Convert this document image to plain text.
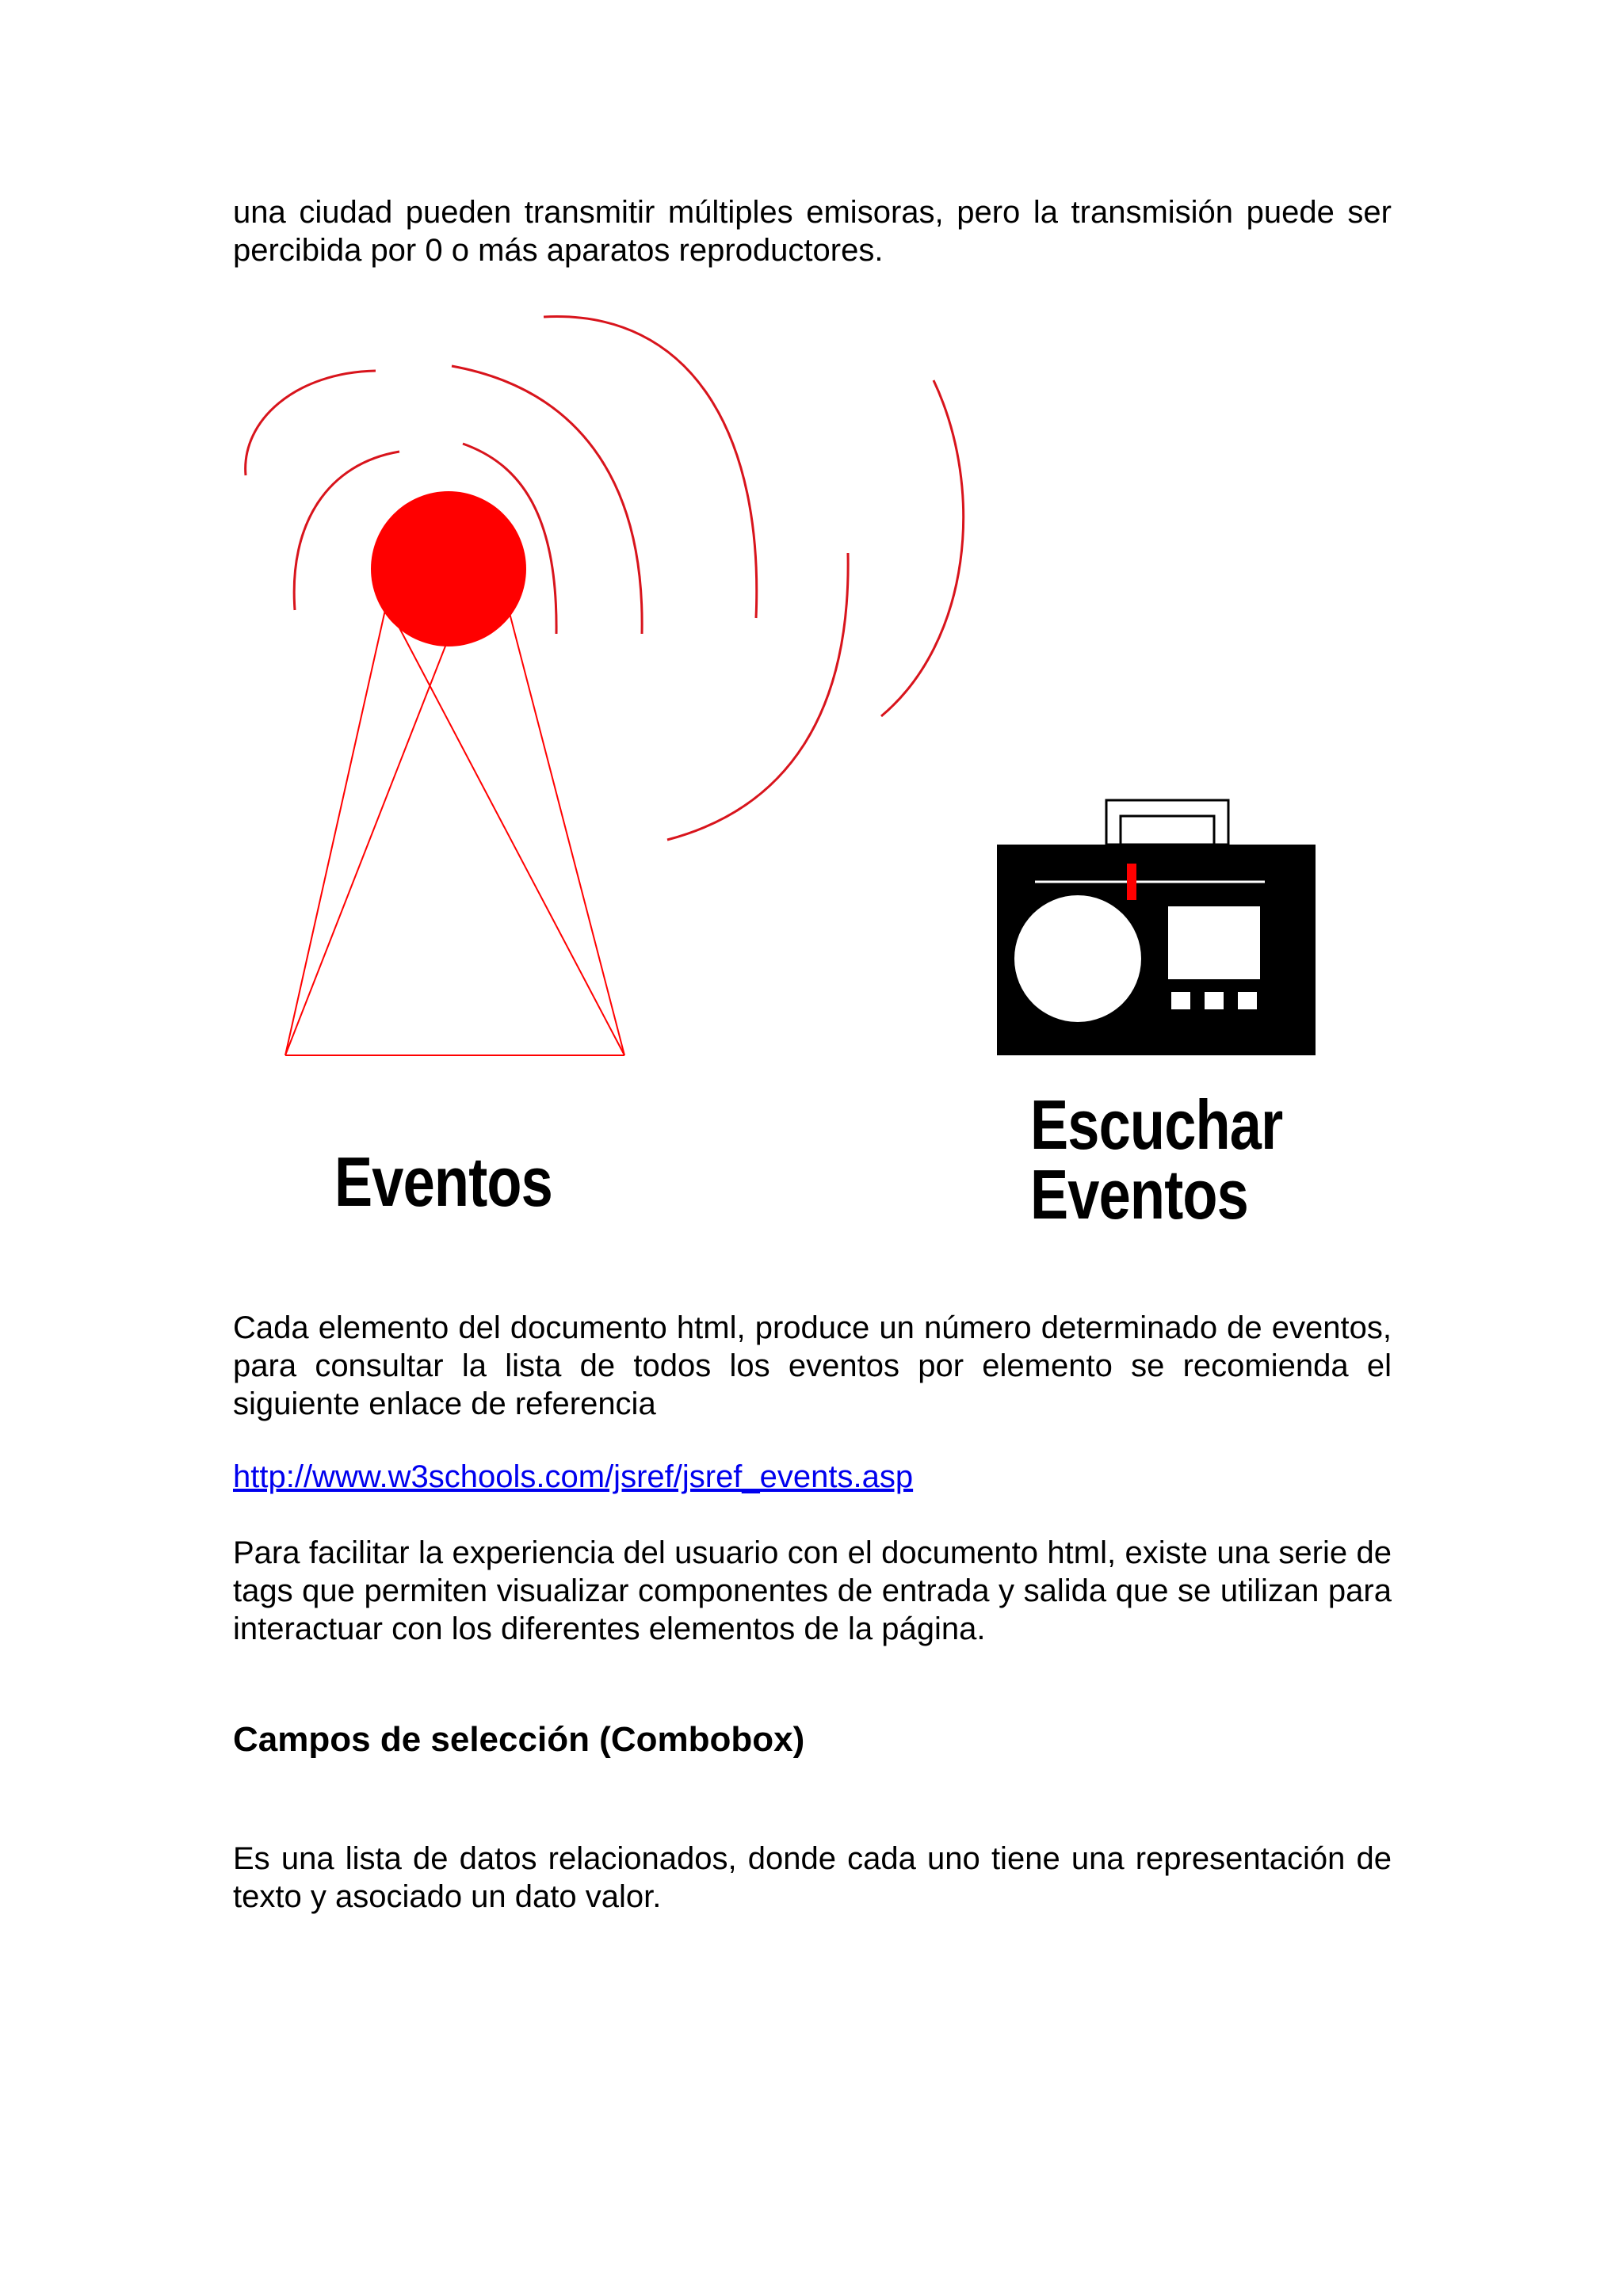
una ciudad pueden transmitir múltiples emisoras, pero la transmisión puede ser percibida por 0 o más aparatos reproductores.

Eventos
Escuchar
Eventos

Cada elemento del documento html, produce un número determinado de eventos, para consultar la lista de todos los eventos por elemento se recomienda el siguiente enlace de referencia

http://www.w3schools.com/jsref/jsref_events.asp

Para facilitar la experiencia del usuario con el documento html, existe una serie de tags que permiten visualizar componentes de entrada y salida que se utilizan para interactuar con los diferentes elementos de la página.

Campos de selección (Combobox)

Es una lista de datos relacionados, donde cada uno tiene una representación de texto y asociado un dato valor.
